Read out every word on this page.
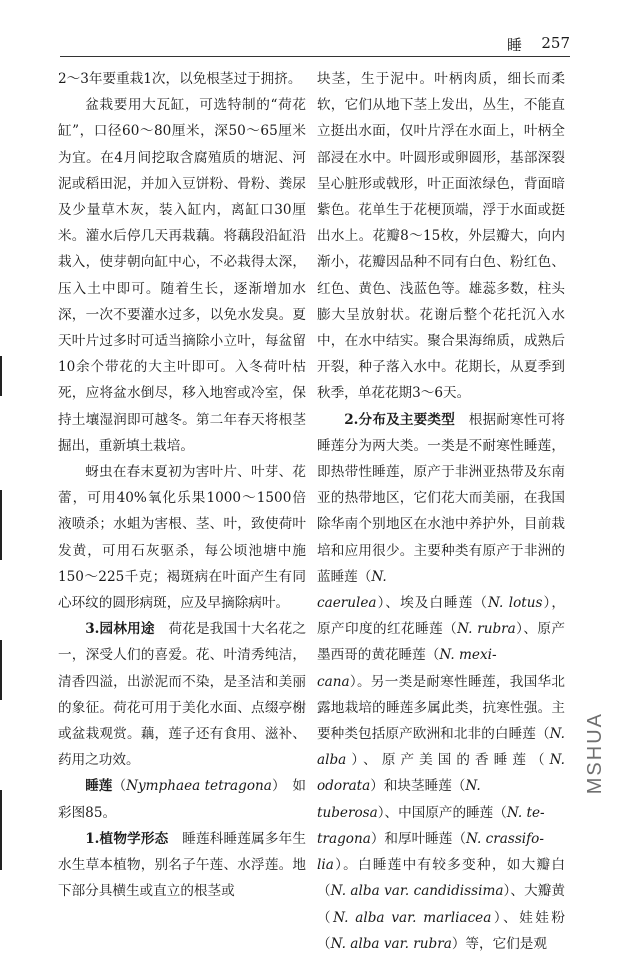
睡 257

2～3年要重栽1次，以免根茎过于拥挤。

盆栽要用大瓦缸，可选特制的“荷花缸”，口径60～80厘米，深50～65厘米为宜。在4月间挖取含腐殖质的塘泥、河泥或稻田泥，并加入豆饼粉、骨粉、粪尿及少量草木灰，装入缸内，离缸口30厘米。灌水后停几天再栽藕。将藕段沿缸沿栽入，使芽朝向缸中心，不必栽得太深，压入土中即可。随着生长，逐渐增加水深，一次不要灌水过多，以免水发臭。夏天叶片过多时可适当摘除小立叶，每盆留10余个带花的大主叶即可。入冬荷叶枯死，应将盆水倒尽，移入地窖或冷室，保持土壤湿润即可越冬。第二年春天将根茎掘出，重新填土栽培。

蚜虫在春末夏初为害叶片、叶芽、花蕾，可用40%氧化乐果1000～1500倍液喷杀；水蛆为害根、茎、叶，致使荷叶发黄，可用石灰驱杀，每公顷池塘中施150～225千克；褐斑病在叶面产生有同心环纹的圆形病斑，应及早摘除病叶。

3.园林用途　 荷花是我国十大名花之一，深受人们的喜爱。花、叶清秀纯洁，清香四溢，出淤泥而不染，是圣洁和美丽的象征。荷花可用于美化水面、点缀亭榭或盆栽观赏。藕，莲子还有食用、滋补、药用之功效。

睡莲（Nymphaea tetragona）　如彩图85。

1.植物学形态　 睡莲科睡莲属多年生水生草本植物，别名子午莲、水浮莲。地下部分具横生或直立的根茎或

块茎，生于泥中。叶柄肉质，细长而柔软，它们从地下茎上发出，丛生，不能直立挺出水面，仅叶片浮在水面上，叶柄全部浸在水中。叶圆形或卵圆形，基部深裂呈心脏形或戟形，叶正面浓绿色，背面暗紫色。花单生于花梗顶端，浮于水面或挺出水上。花瓣8～15枚，外层瓣大，向内渐小，花瓣因品种不同有白色、粉红色、红色、黄色、浅蓝色等。雄蕊多数，柱头膨大呈放射状。花谢后整个花托沉入水中，在水中结实。聚合果海绵质，成熟后开裂，种子落入水中。花期长，从夏季到秋季，单花花期3～6天。

2.分布及主要类型　 根据耐寒性可将睡莲分为两大类。一类是不耐寒性睡莲，即热带性睡莲，原产于非洲亚热带及东南亚的热带地区，它们花大而美丽，在我国除华南个别地区在水池中养护外，目前栽培和应用很少。主要种类有原产于非洲的蓝睡莲（N.
caerulea）、埃及白睡莲（N. lotus），原产印度的红花睡莲（N. rubra）、原产墨西哥的黄花睡莲（N. mexi-
cana）。另一类是耐寒性睡莲，我国华北露地栽培的睡莲多属此类，抗寒性强。主要种类包括原产欧洲和北非的白睡莲（N. alba）、原产美国的香睡莲（N. odorata）和块茎睡莲（N.
tuberosa）、中国原产的睡莲（N. te-
tragona）和厚叶睡莲（N. crassifo-
lia）。白睡莲中有较多变种，如大瓣白（N. alba var. candidissima）、大瓣黄（N. alba var. marliacea）、娃娃粉（N. alba var. rubra）等，它们是观

MSHUA
